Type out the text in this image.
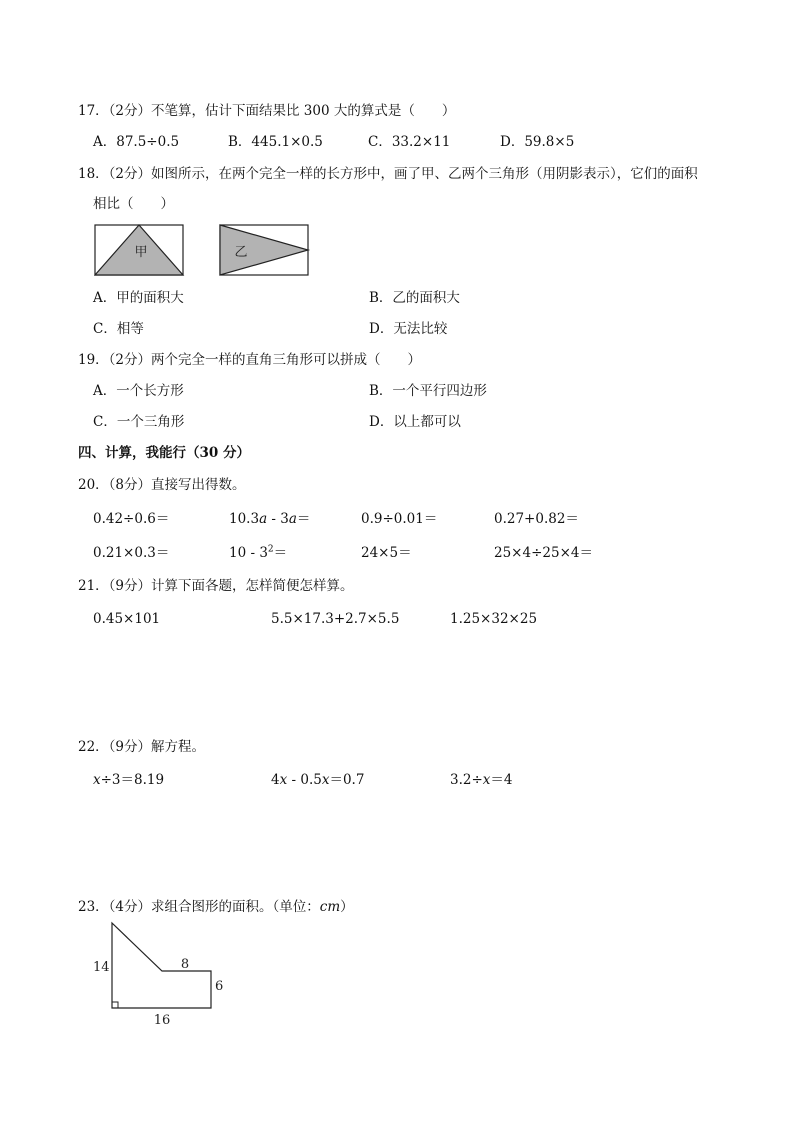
17．（2分）不笔算，估计下面结果比 300 大的算式是（　　）
A．87.5÷0.5	B．445.1×0.5	C．33.2×11	D．59.8×5
18．（2分）如图所示，在两个完全一样的长方形中，画了甲、乙两个三角形（用阴影表示），它们的面积
相比（　　）
甲	乙
A．甲的面积大	B．乙的面积大
C．相等	D．无法比较
19．（2分）两个完全一样的直角三角形可以拼成（　　）
A．一个长方形	B．一个平行四边形
C．一个三角形	D．以上都可以
四、计算，我能行（30 分）
20．（8分）直接写出得数。
0.42÷0.6＝	10.3a - 3a＝	0.9÷0.01＝	0.27+0.82＝
0.21×0.3＝	$10 - 3^2=$	24×5＝	25×4÷25×4＝
21．（9分）计算下面各题，怎样简便怎样算。
0.45×101	5.5×17.3+2.7×5.5	1.25×32×25
22．（9分）解方程。
x÷3＝8.19	4x - 0.5x＝0.7	3.2÷x＝4
23．（4分）求组合图形的面积。（单位：cm）
14	8
6
16
